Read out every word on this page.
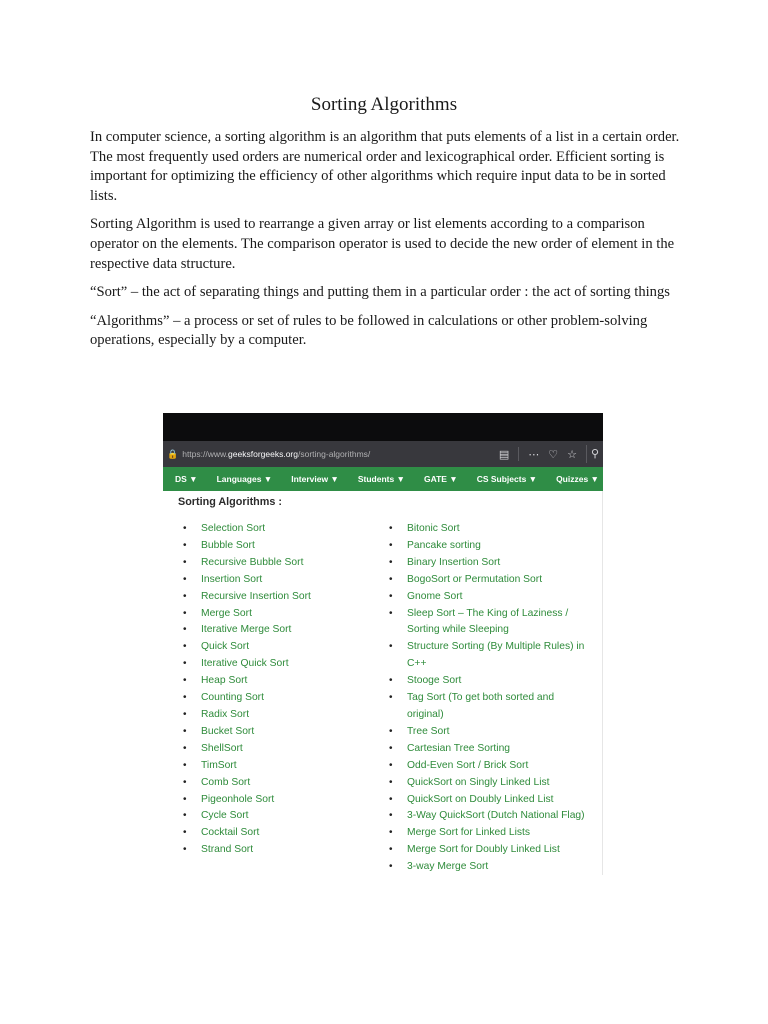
Sorting Algorithms

In computer science, a sorting algorithm is an algorithm that puts elements of a list in a certain order. The most frequently used orders are numerical order and lexicographical order. Efficient sorting is important for optimizing the efficiency of other algorithms which require input data to be in sorted lists.

Sorting Algorithm is used to rearrange a given array or list elements according to a comparison operator on the elements. The comparison operator is used to decide the new order of element in the respective data structure.

“Sort” – the act of separating things and putting them in a particular order : the act of sorting things

“Algorithms” – a process or set of rules to be followed in calculations or other problem-solving operations, especially by a computer.

🔒 https://www.geeksforgeeks.org/sorting-algorithms/	▤ ⋯ ♡ ☆	⚲
DS ▼ Languages ▼ Interview ▼ Students ▼ GATE ▼ CS Subjects ▼ Quizzes ▼
Sorting Algorithms :
• Selection Sort
• Bubble Sort
• Recursive Bubble Sort
• Insertion Sort
• Recursive Insertion Sort
• Merge Sort
• Iterative Merge Sort
• Quick Sort
• Iterative Quick Sort
• Heap Sort
• Counting Sort
• Radix Sort
• Bucket Sort
• ShellSort
• TimSort
• Comb Sort
• Pigeonhole Sort
• Cycle Sort
• Cocktail Sort
• Strand Sort
• Bitonic Sort
• Pancake sorting
• Binary Insertion Sort
• BogoSort or Permutation Sort
• Gnome Sort
• Sleep Sort – The King of Laziness / Sorting while Sleeping
• Structure Sorting (By Multiple Rules) in C++
• Stooge Sort
• Tag Sort (To get both sorted and original)
• Tree Sort
• Cartesian Tree Sorting
• Odd-Even Sort / Brick Sort
• QuickSort on Singly Linked List
• QuickSort on Doubly Linked List
• 3-Way QuickSort (Dutch National Flag)
• Merge Sort for Linked Lists
• Merge Sort for Doubly Linked List
• 3-way Merge Sort
